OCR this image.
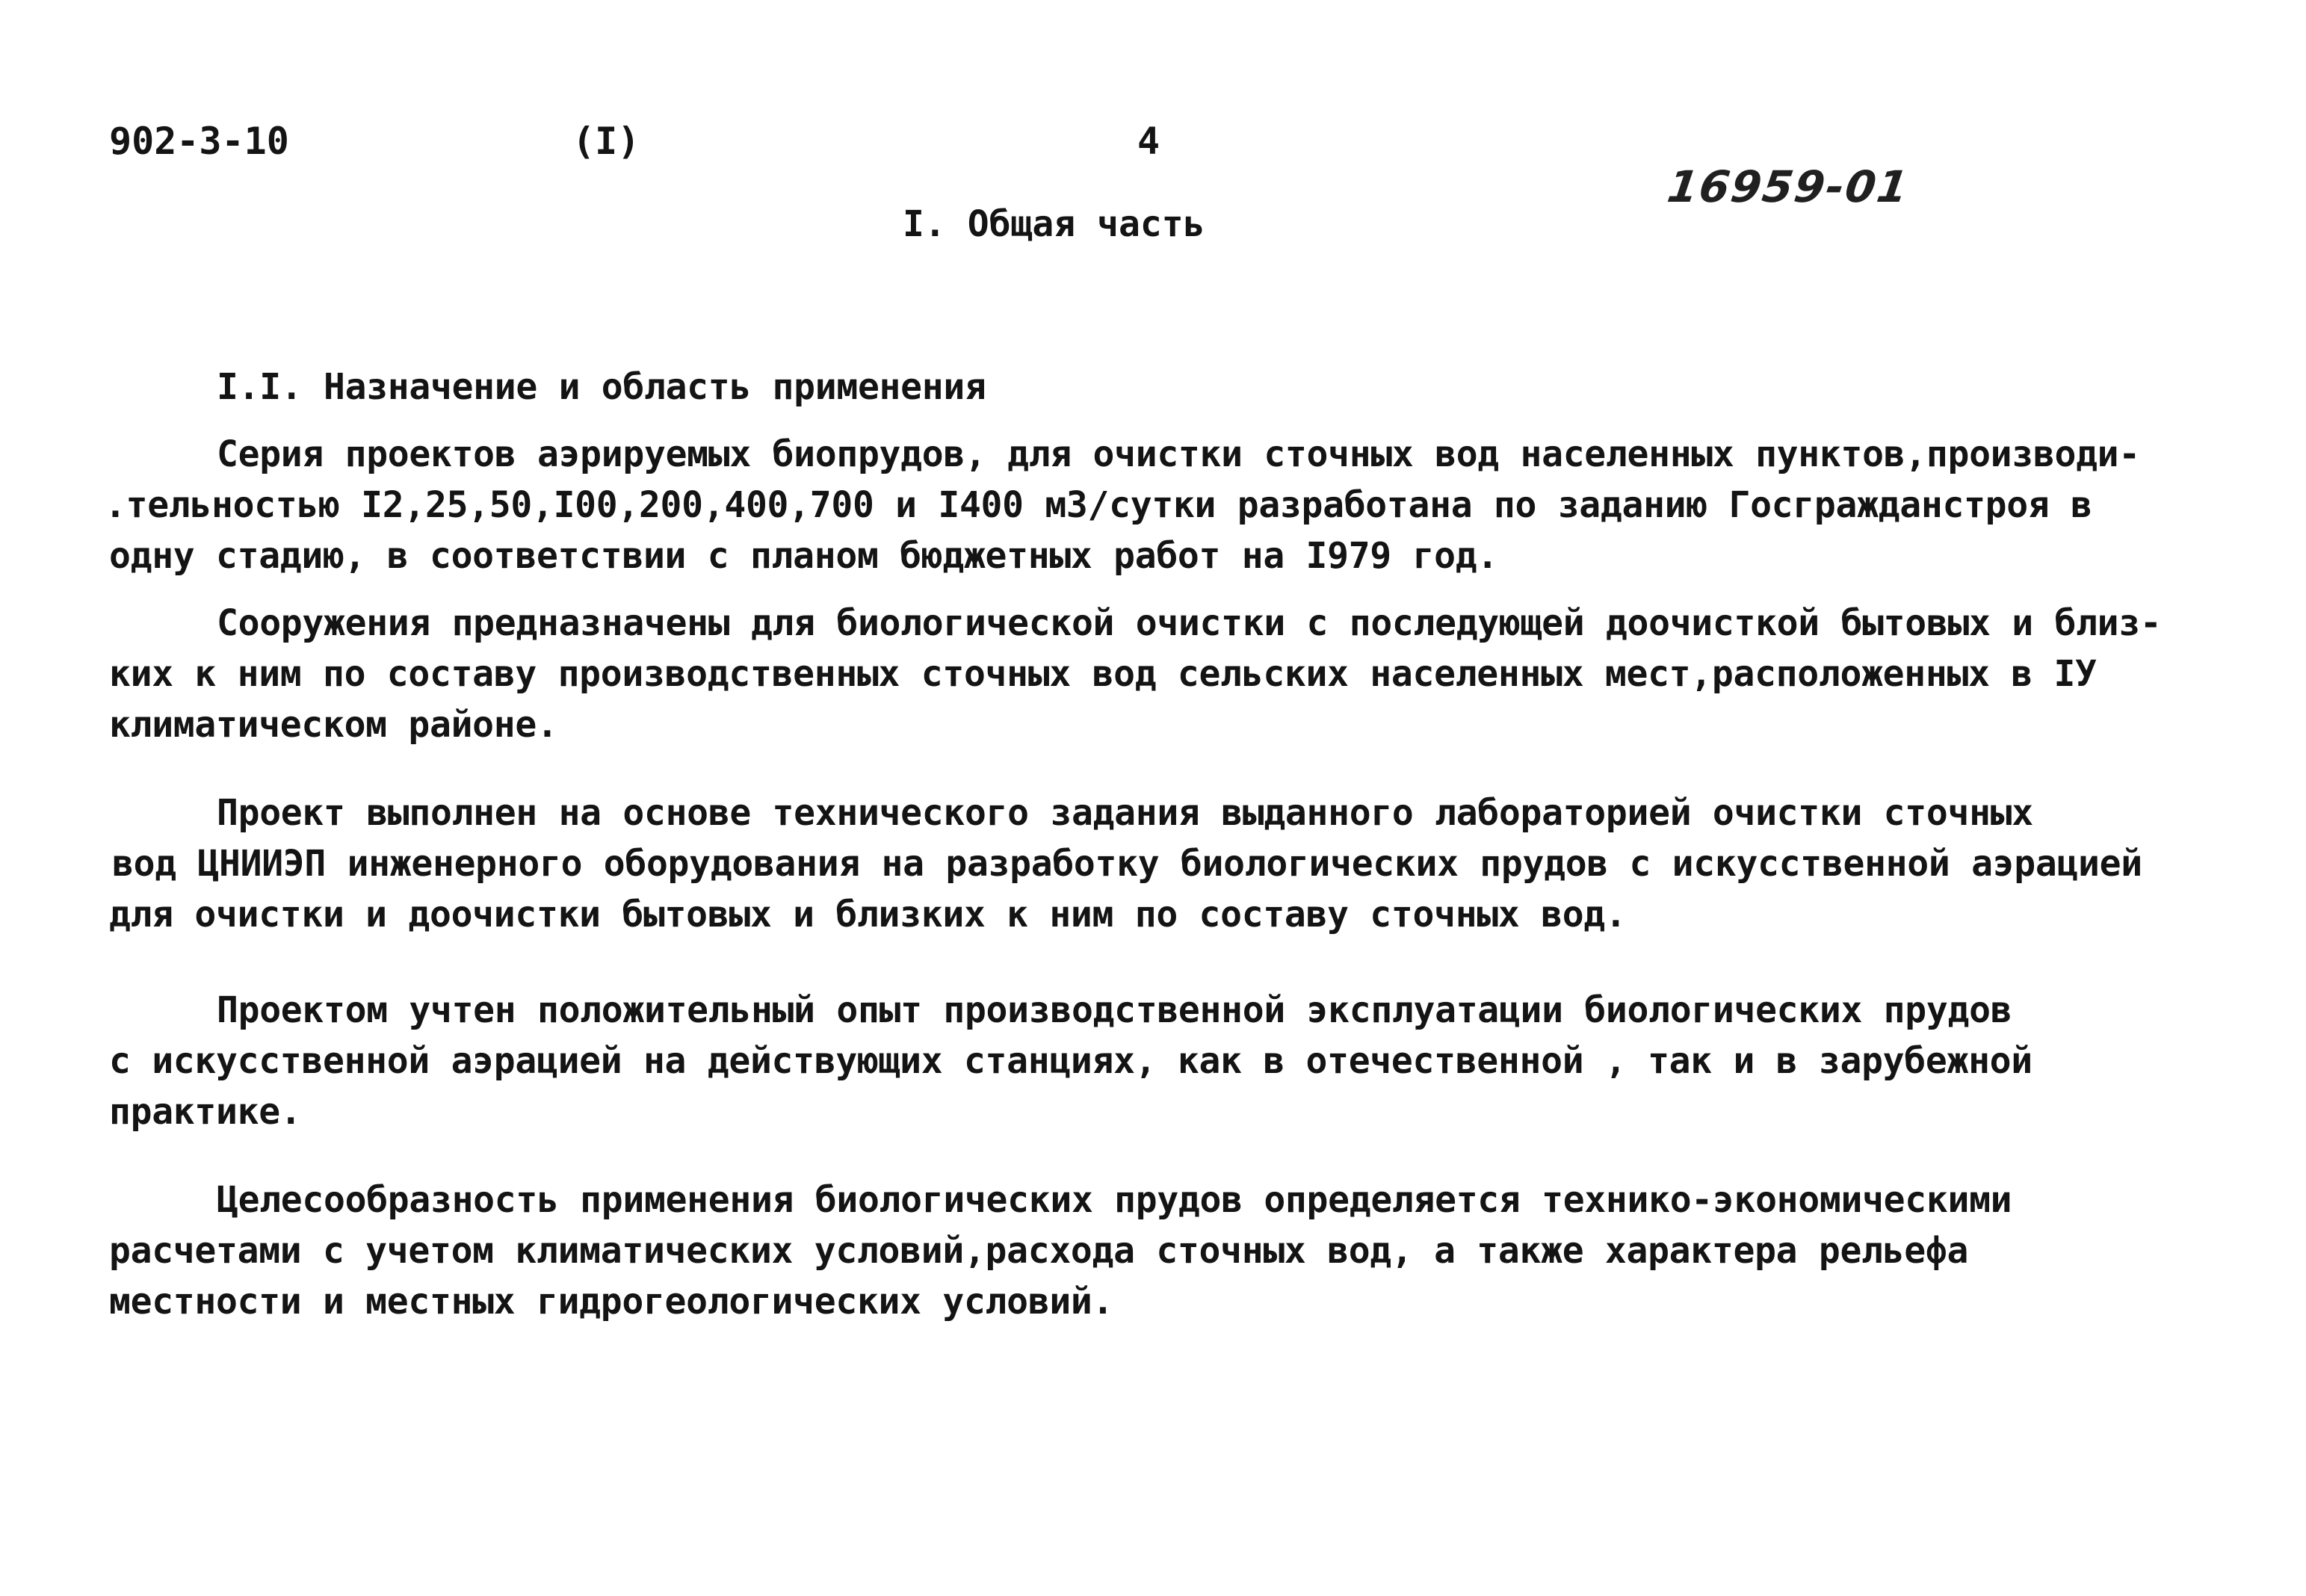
902-3-10	(I)	4
16959-01
I. Общая часть
I.I. Назначение и область применения
Серия проектов аэрируемых биопрудов, для очистки сточных вод населенных пунктов,производи-
.тельностью I2,25,50,I00,200,400,700 и I400 м3/сутки разработана по заданию Гоcгражданстроя в
одну стадию, в соответствии с планом бюджетных работ на I979 год.
Сооружения предназначены для биологической очистки с последующей доочисткой бытовых и близ-
ких к ним по составу производственных сточных вод сельских населенных мест,расположенных в IУ
климатическом районе.
Проект выполнен на основе технического задания выданного лабораторией очистки сточных
вод ЦНИИЭП инженерного оборудования на разработку биологических прудов с искусственной аэрацией
для очистки и доочистки бытовых и близких к ним по составу сточных вод.
Проектом учтен положительный опыт производственной эксплуатации биологических прудов
с искусственной аэрацией на действующих станциях, как в отечественной , так и в зарубежной
практике.
Целесообразность применения биологических прудов определяется технико-экономическими
расчетами с учетом климатических условий,расхода сточных вод, а также характера рельефа
местности и местных гидрогеологических условий.
